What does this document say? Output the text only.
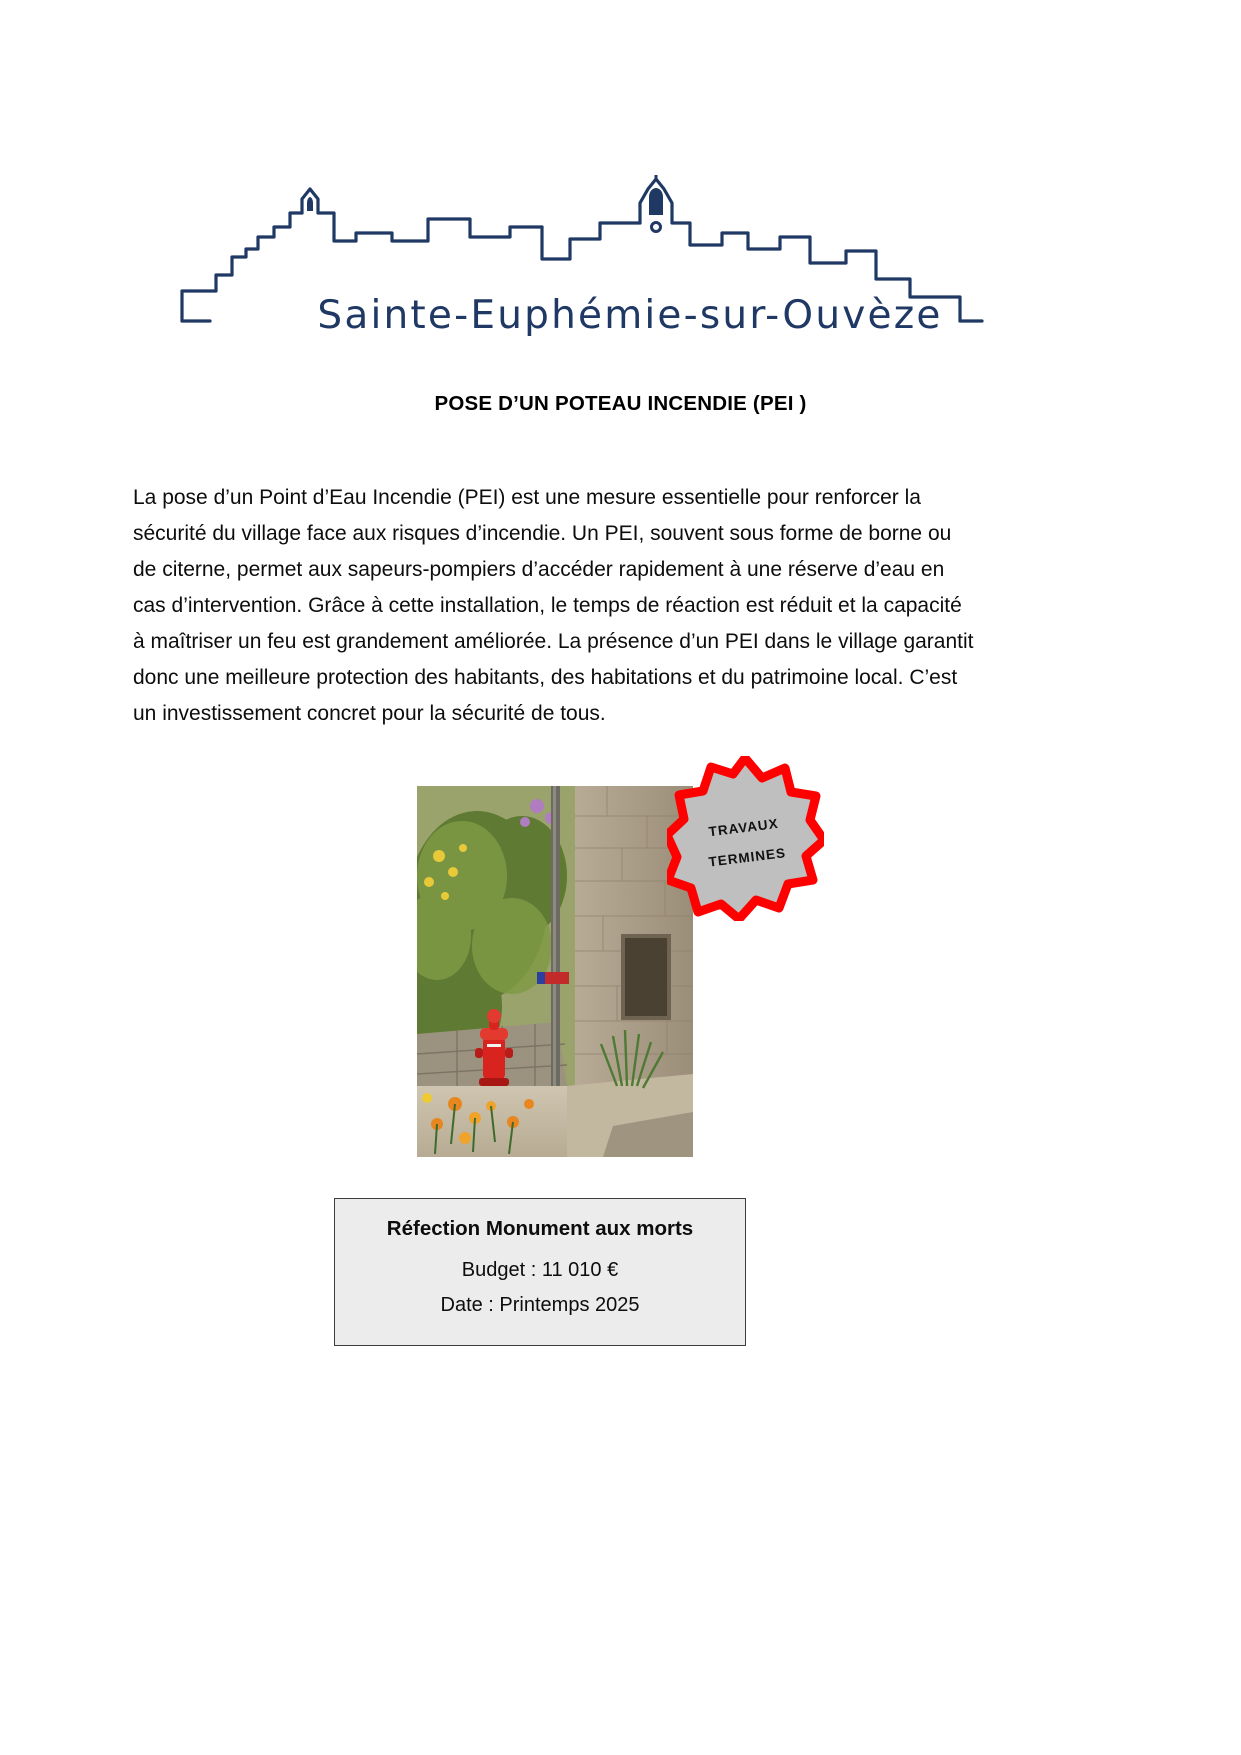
Sainte-Euphémie-sur-Ouvèze
POSE D’UN POTEAU INCENDIE (PEI )
La pose d’un Point d’Eau Incendie (PEI) est une mesure essentielle pour renforcer la sécurité du village face aux risques d’incendie. Un PEI, souvent sous forme de borne ou de citerne, permet aux sapeurs-pompiers d’accéder rapidement à une réserve d’eau en cas d’intervention. Grâce à cette installation, le temps de réaction est réduit et la capacité à maîtriser un feu est grandement améliorée. La présence d’un PEI dans le village garantit donc une meilleure protection des habitants, des habitations et du patrimoine local. C’est un investissement concret pour la sécurité de tous.
TRAVAUX
TERMINES
Réfection Monument aux morts
Budget : 11 010 €
Date : Printemps 2025
